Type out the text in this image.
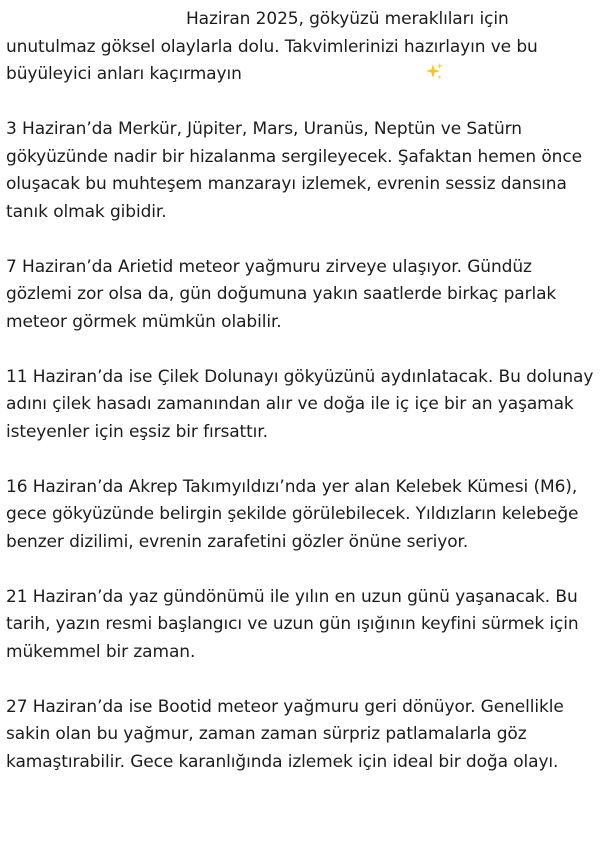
Haziran 2025, gökyüzü meraklıları için unutulmaz göksel olaylarla dolu. Takvimlerinizi hazırlayın ve bu büyüleyici anları kaçırmayın

3 Haziran’da Merkür, Jüpiter, Mars, Uranüs, Neptün ve Satürn gökyüzünde nadir bir hizalanma sergileyecek. Şafaktan hemen önce oluşacak bu muhteşem manzarayı izlemek, evrenin sessiz dansına tanık olmak gibidir.

7 Haziran’da Arietid meteor yağmuru zirveye ulaşıyor. Gündüz gözlemi zor olsa da, gün doğumuna yakın saatlerde birkaç parlak meteor görmek mümkün olabilir.

11 Haziran’da ise Çilek Dolunayı gökyüzünü aydınlatacak. Bu dolunay adını çilek hasadı zamanından alır ve doğa ile iç içe bir an yaşamak isteyenler için eşsiz bir fırsattır.

16 Haziran’da Akrep Takımyıldızı’nda yer alan Kelebek Kümesi (M6), gece gökyüzünde belirgin şekilde görülebilecek. Yıldızların kelebeğe benzer dizilimi, evrenin zarafetini gözler önüne seriyor.

21 Haziran’da yaz gündönümü ile yılın en uzun günü yaşanacak. Bu tarih, yazın resmi başlangıcı ve uzun gün ışığının keyfini sürmek için mükemmel bir zaman.

27 Haziran’da ise Bootid meteor yağmuru geri dönüyor. Genellikle sakin olan bu yağmur, zaman zaman sürpriz patlamalarla göz kamaştırabilir. Gece karanlığında izlemek için ideal bir doğa olayı.
